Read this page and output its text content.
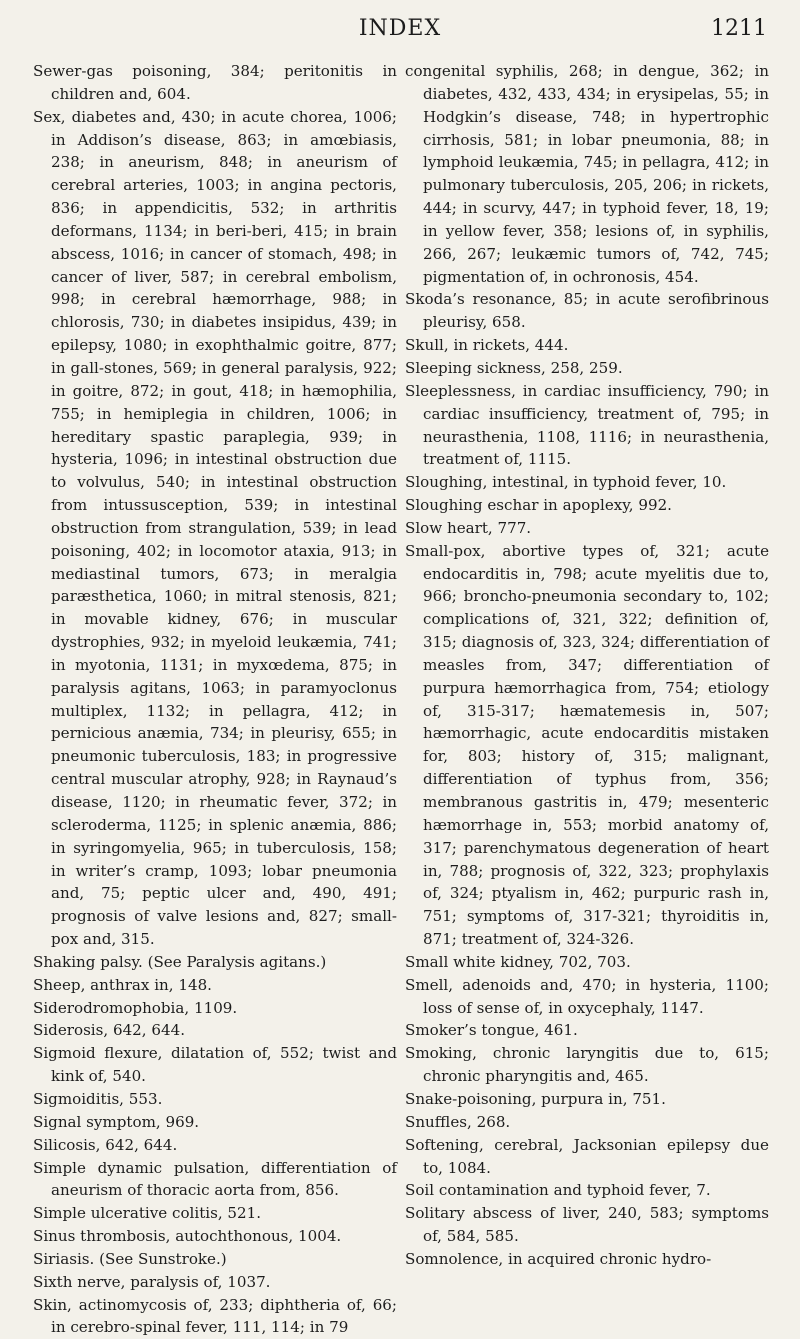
INDEX	1211
Sewer-gas poisoning, 384; peritonitis in children and, 604.
Sex, diabetes and, 430; in acute chorea, 1006; in Addison’s disease, 863; in amœbiasis, 238; in aneurism, 848; in aneurism of cerebral arteries, 1003; in angina pectoris, 836; in appendicitis, 532; in arthritis deformans, 1134; in beri-beri, 415; in brain abscess, 1016; in cancer of stomach, 498; in cancer of liver, 587; in cerebral embolism, 998; in cerebral hæmorrhage, 988; in chlorosis, 730; in diabetes insipidus, 439; in epilepsy, 1080; in exophthalmic goitre, 877; in gall-stones, 569; in general paralysis, 922; in goitre, 872; in gout, 418; in hæmophilia, 755; in hemiplegia in children, 1006; in hereditary spastic paraplegia, 939; in hysteria, 1096; in intestinal obstruction due to volvulus, 540; in intestinal obstruction from intussusception, 539; in intestinal obstruction from strangulation, 539; in lead poisoning, 402; in locomotor ataxia, 913; in mediastinal tumors, 673; in meralgia paræsthetica, 1060; in mitral stenosis, 821; in movable kidney, 676; in muscular dystrophies, 932; in myeloid leukæmia, 741; in myotonia, 1131; in myxœdema, 875; in paralysis agitans, 1063; in paramyoclonus multiplex, 1132; in pellagra, 412; in pernicious anæmia, 734; in pleurisy, 655; in pneumonic tuberculosis, 183; in progressive central muscular atrophy, 928; in Raynaud’s disease, 1120; in rheumatic fever, 372; in scleroderma, 1125; in splenic anæmia, 886; in syringomyelia, 965; in tuberculosis, 158; in writer’s cramp, 1093; lobar pneumonia and, 75; peptic ulcer and, 490, 491; prognosis of valve lesions and, 827; small-pox and, 315.
Shaking palsy. (See Paralysis agitans.)
Sheep, anthrax in, 148.
Siderodromophobia, 1109.
Siderosis, 642, 644.
Sigmoid flexure, dilatation of, 552; twist and kink of, 540.
Sigmoiditis, 553.
Signal symptom, 969.
Silicosis, 642, 644.
Simple dynamic pulsation, differentiation of aneurism of thoracic aorta from, 856.
Simple ulcerative colitis, 521.
Sinus thrombosis, autochthonous, 1004.
Siriasis. (See Sunstroke.)
Sixth nerve, paralysis of, 1037.
Skin, actinomycosis of, 233; diphtheria of, 66; in cerebro-spinal fever, 111, 114; in 79
congenital syphilis, 268; in dengue, 362; in diabetes, 432, 433, 434; in erysipelas, 55; in Hodgkin’s disease, 748; in hypertrophic cirrhosis, 581; in lobar pneumonia, 88; in lymphoid leukæmia, 745; in pellagra, 412; in pulmonary tuberculosis, 205, 206; in rickets, 444; in scurvy, 447; in typhoid fever, 18, 19; in yellow fever, 358; lesions of, in syphilis, 266, 267; leukæmic tumors of, 742, 745; pigmentation of, in ochronosis, 454.
Skoda’s resonance, 85; in acute serofibrinous pleurisy, 658.
Skull, in rickets, 444.
Sleeping sickness, 258, 259.
Sleeplessness, in cardiac insufficiency, 790; in cardiac insufficiency, treatment of, 795; in neurasthenia, 1108, 1116; in neurasthenia, treatment of, 1115.
Sloughing, intestinal, in typhoid fever, 10.
Sloughing eschar in apoplexy, 992.
Slow heart, 777.
Small-pox, abortive types of, 321; acute endocarditis in, 798; acute myelitis due to, 966; broncho-pneumonia secondary to, 102; complications of, 321, 322; definition of, 315; diagnosis of, 323, 324; differentiation of measles from, 347; differentiation of purpura hæmorrhagica from, 754; etiology of, 315-317; hæmatemesis in, 507; hæmorrhagic, acute endocarditis mistaken for, 803; history of, 315; malignant, differentiation of typhus from, 356; membranous gastritis in, 479; mesenteric hæmorrhage in, 553; morbid anatomy of, 317; parenchymatous degeneration of heart in, 788; prognosis of, 322, 323; prophylaxis of, 324; ptyalism in, 462; purpuric rash in, 751; symptoms of, 317-321; thyroiditis in, 871; treatment of, 324-326.
Small white kidney, 702, 703.
Smell, adenoids and, 470; in hysteria, 1100; loss of sense of, in oxycephaly, 1147.
Smoker’s tongue, 461.
Smoking, chronic laryngitis due to, 615; chronic pharyngitis and, 465.
Snake-poisoning, purpura in, 751.
Snuffles, 268.
Softening, cerebral, Jacksonian epilepsy due to, 1084.
Soil contamination and typhoid fever, 7.
Solitary abscess of liver, 240, 583; symptoms of, 584, 585.
Somnolence, in acquired chronic hydro-
